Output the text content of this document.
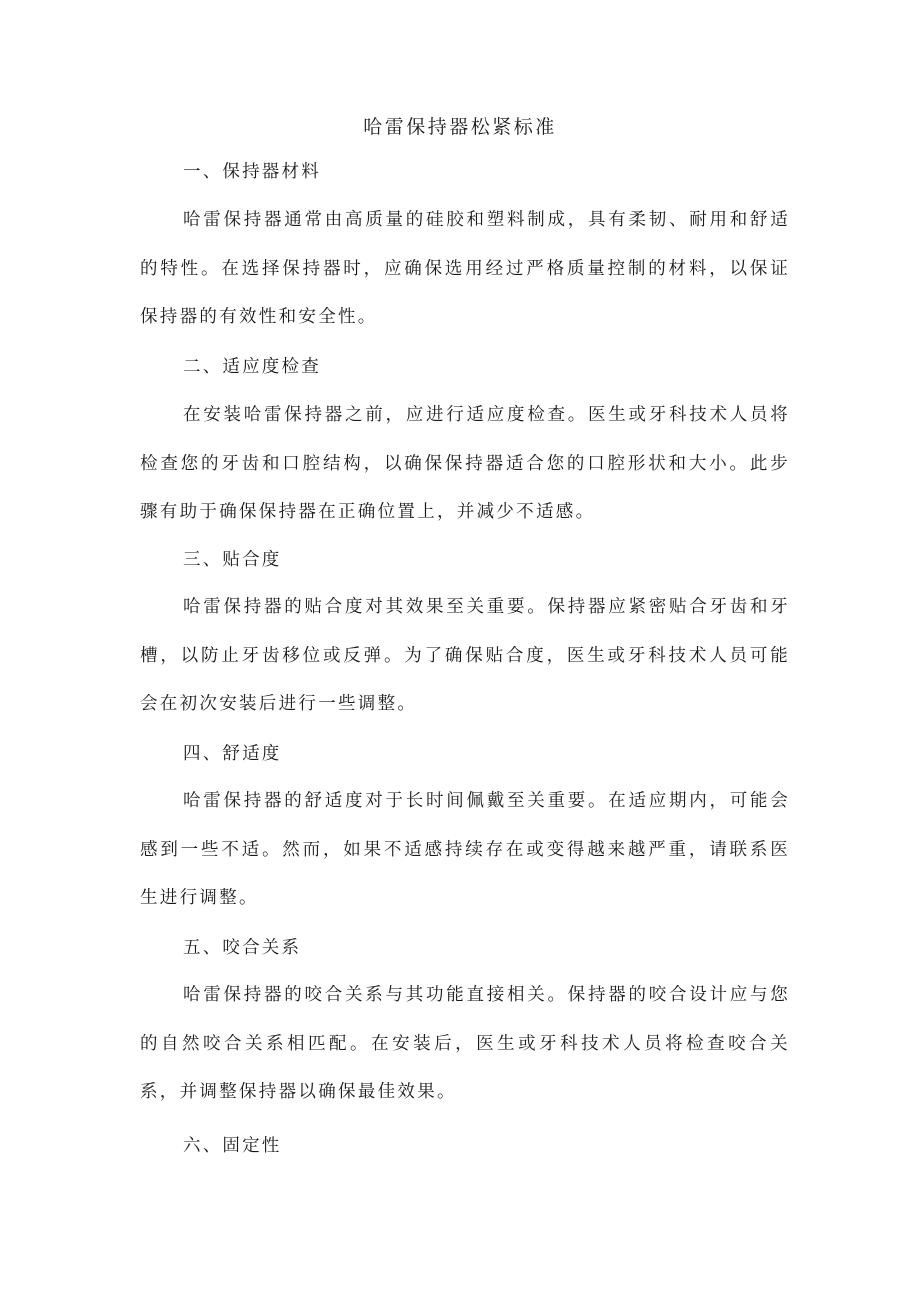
哈雷保持器松紧标准
一、保持器材料

哈雷保持器通常由高质量的硅胶和塑料制成，具有柔韧、耐用和舒适的特性。在选择保持器时，应确保选用经过严格质量控制的材料，以保证保持器的有效性和安全性。

二、适应度检查

在安装哈雷保持器之前，应进行适应度检查。医生或牙科技术人员将检查您的牙齿和口腔结构，以确保保持器适合您的口腔形状和大小。此步骤有助于确保保持器在正确位置上，并减少不适感。

三、贴合度

哈雷保持器的贴合度对其效果至关重要。保持器应紧密贴合牙齿和牙槽，以防止牙齿移位或反弹。为了确保贴合度，医生或牙科技术人员可能会在初次安装后进行一些调整。

四、舒适度

哈雷保持器的舒适度对于长时间佩戴至关重要。在适应期内，可能会感到一些不适。然而，如果不适感持续存在或变得越来越严重，请联系医生进行调整。

五、咬合关系

哈雷保持器的咬合关系与其功能直接相关。保持器的咬合设计应与您的自然咬合关系相匹配。在安装后，医生或牙科技术人员将检查咬合关系，并调整保持器以确保最佳效果。

六、固定性
